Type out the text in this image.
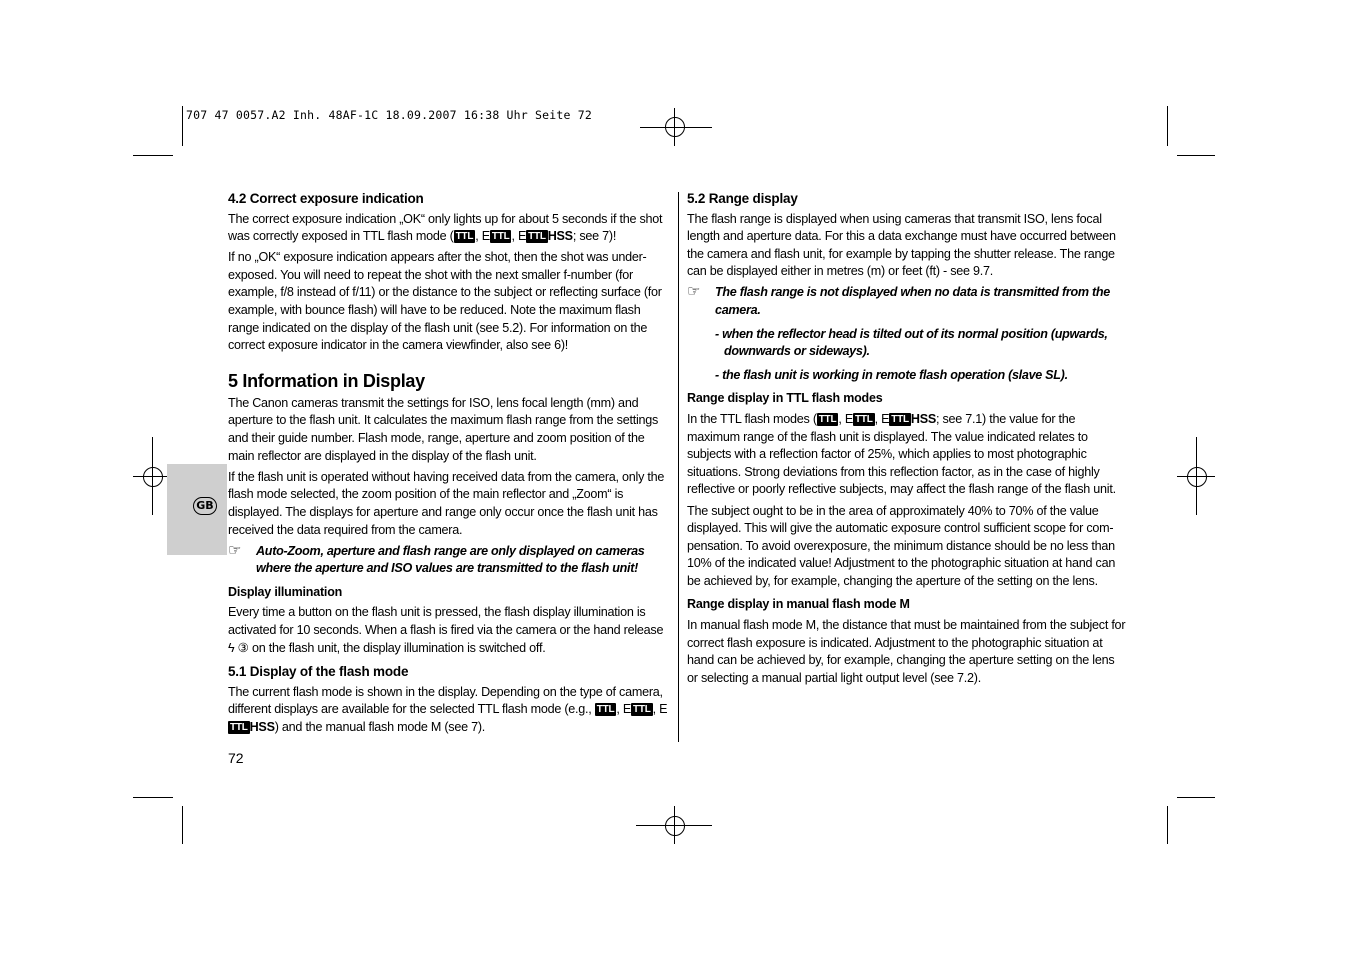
707 47 0057.A2 Inh. 48AF-1C 18.09.2007 16:38 Uhr Seite 72
GB
4.2 Correct exposure indication
The correct exposure indication „OK“ only lights up for about 5 seconds if the shot was correctly exposed in TTL flash mode ( TTL , E TTL , E TTL HSS; see 7)!
If no „OK“ exposure indication appears after the shot, then the shot was under-exposed. You will need to repeat the shot with the next smaller f-number (for example, f/8 instead of f/11) or the distance to the subject or reflecting surface (for example, with bounce flash) will have to be reduced. Note the maximum flash range indicated on the display of the flash unit (see 5.2). For information on the correct exposure indicator in the camera viewfinder, also see 6)!
5 Information in Display
The Canon cameras transmit the settings for ISO, lens focal length (mm) and aperture to the flash unit. It calculates the maximum flash range from the settings and their guide number. Flash mode, range, aperture and zoom position of the main reflector are displayed in the display of the flash unit.
If the flash unit is operated without having received data from the camera, only the flash mode selected, the zoom position of the main reflector and „Zoom“ is displayed. The displays for aperture and range only occur once the flash unit has received the data required from the camera.
☞ Auto-Zoom, aperture and flash range are only displayed on cameras where the aperture and ISO values are transmitted to the flash unit!
Display illumination
Every time a button on the flash unit is pressed, the flash display illumination is activated for 10 seconds. When a flash is fired via the camera or the hand release ϟ ③ on the flash unit, the display illumination is switched off.
5.1 Display of the flash mode
The current flash mode is shown in the display. Depending on the type of camera, different displays are available for the selected TTL flash mode (e.g., TTL , E TTL , ETTL HSS) and the manual flash mode M (see 7).
5.2 Range display
The flash range is displayed when using cameras that transmit ISO, lens focal length and aperture data. For this a data exchange must have occurred between the camera and flash unit, for example by tapping the shutter release. The range can be displayed either in metres (m) or feet (ft) - see 9.7.
☞ The flash range is not displayed when no data is transmitted from the camera.
- when the reflector head is tilted out of its normal position (upwards,
downwards or sideways).
- the flash unit is working in remote flash operation (slave SL).
Range display in TTL flash modes
In the TTL flash modes ( TTL , E TTL , E TTL HSS; see 7.1) the value for the maximum range of the flash unit is displayed. The value indicated relates to subjects with a reflection factor of 25%, which applies to most photographic situations. Strong deviations from this reflection factor, as in the case of highly reflective or poorly reflective subjects, may affect the flash range of the flash unit.
The subject ought to be in the area of approximately 40% to 70% of the value displayed. This will give the automatic exposure control sufficient scope for com-pensation. To avoid overexposure, the minimum distance should be no less than 10% of the indicated value! Adjustment to the photographic situation at hand can be achieved by, for example, changing the aperture of the setting on the lens.
Range display in manual flash mode M
In manual flash mode M, the distance that must be maintained from the subject for correct flash exposure is indicated. Adjustment to the photographic situation at hand can be achieved by, for example, changing the aperture setting on the lens or selecting a manual partial light output level (see 7.2).
72
